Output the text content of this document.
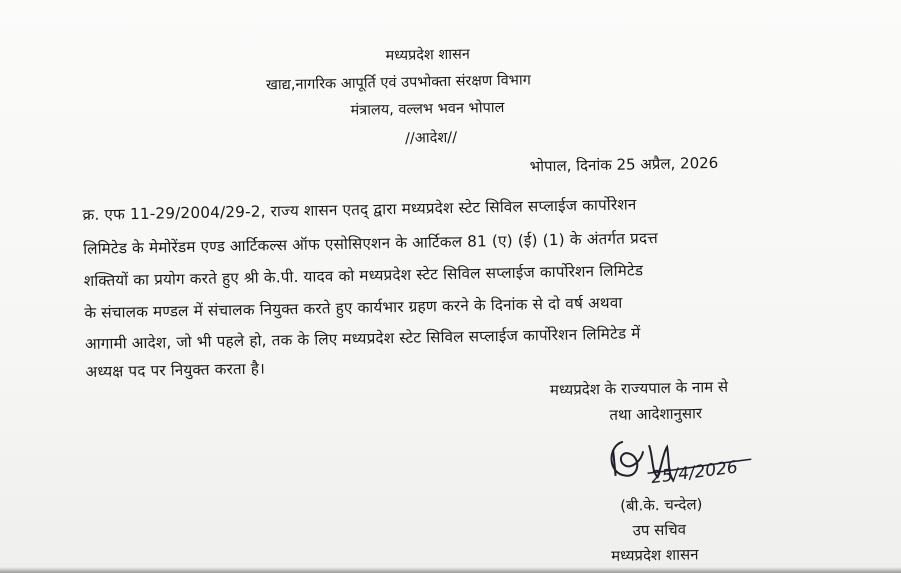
मध्यप्रदेश शासन
खाद्य,नागरिक आपूर्ति एवं उपभोक्ता संरक्षण विभाग
मंत्रालय, वल्लभ भवन भोपाल
//आदेश//
भोपाल, दिनांक 25 अप्रैल, 2026
क्र. एफ 11-29/2004/29-2, राज्य शासन एतद् द्वारा मध्यप्रदेश स्टेट सिविल सप्लाईज कार्पोरेशन
लिमिटेड के मेमोरेंडम एण्ड आर्टिकल्स ऑफ एसोसिएशन के आर्टिकल 81 (ए) (ई) (1) के अंतर्गत प्रदत्त
शक्तियों का प्रयोग करते हुए श्री के.पी. यादव को मध्यप्रदेश स्टेट सिविल सप्लाईज कार्पोरेशन लिमिटेड
के संचालक मण्डल में संचालक नियुक्त करते हुए कार्यभार ग्रहण करने के दिनांक से दो वर्ष अथवा
आगामी आदेश, जो भी पहले हो, तक के लिए मध्यप्रदेश स्टेट सिविल सप्लाईज कार्पोरेशन लिमिटेड में
अध्यक्ष पद पर नियुक्त करता है।
मध्यप्रदेश के राज्यपाल के नाम से
तथा आदेशानुसार
25/4/2026
(बी.के. चन्देल)
उप सचिव
मध्यप्रदेश शासन
